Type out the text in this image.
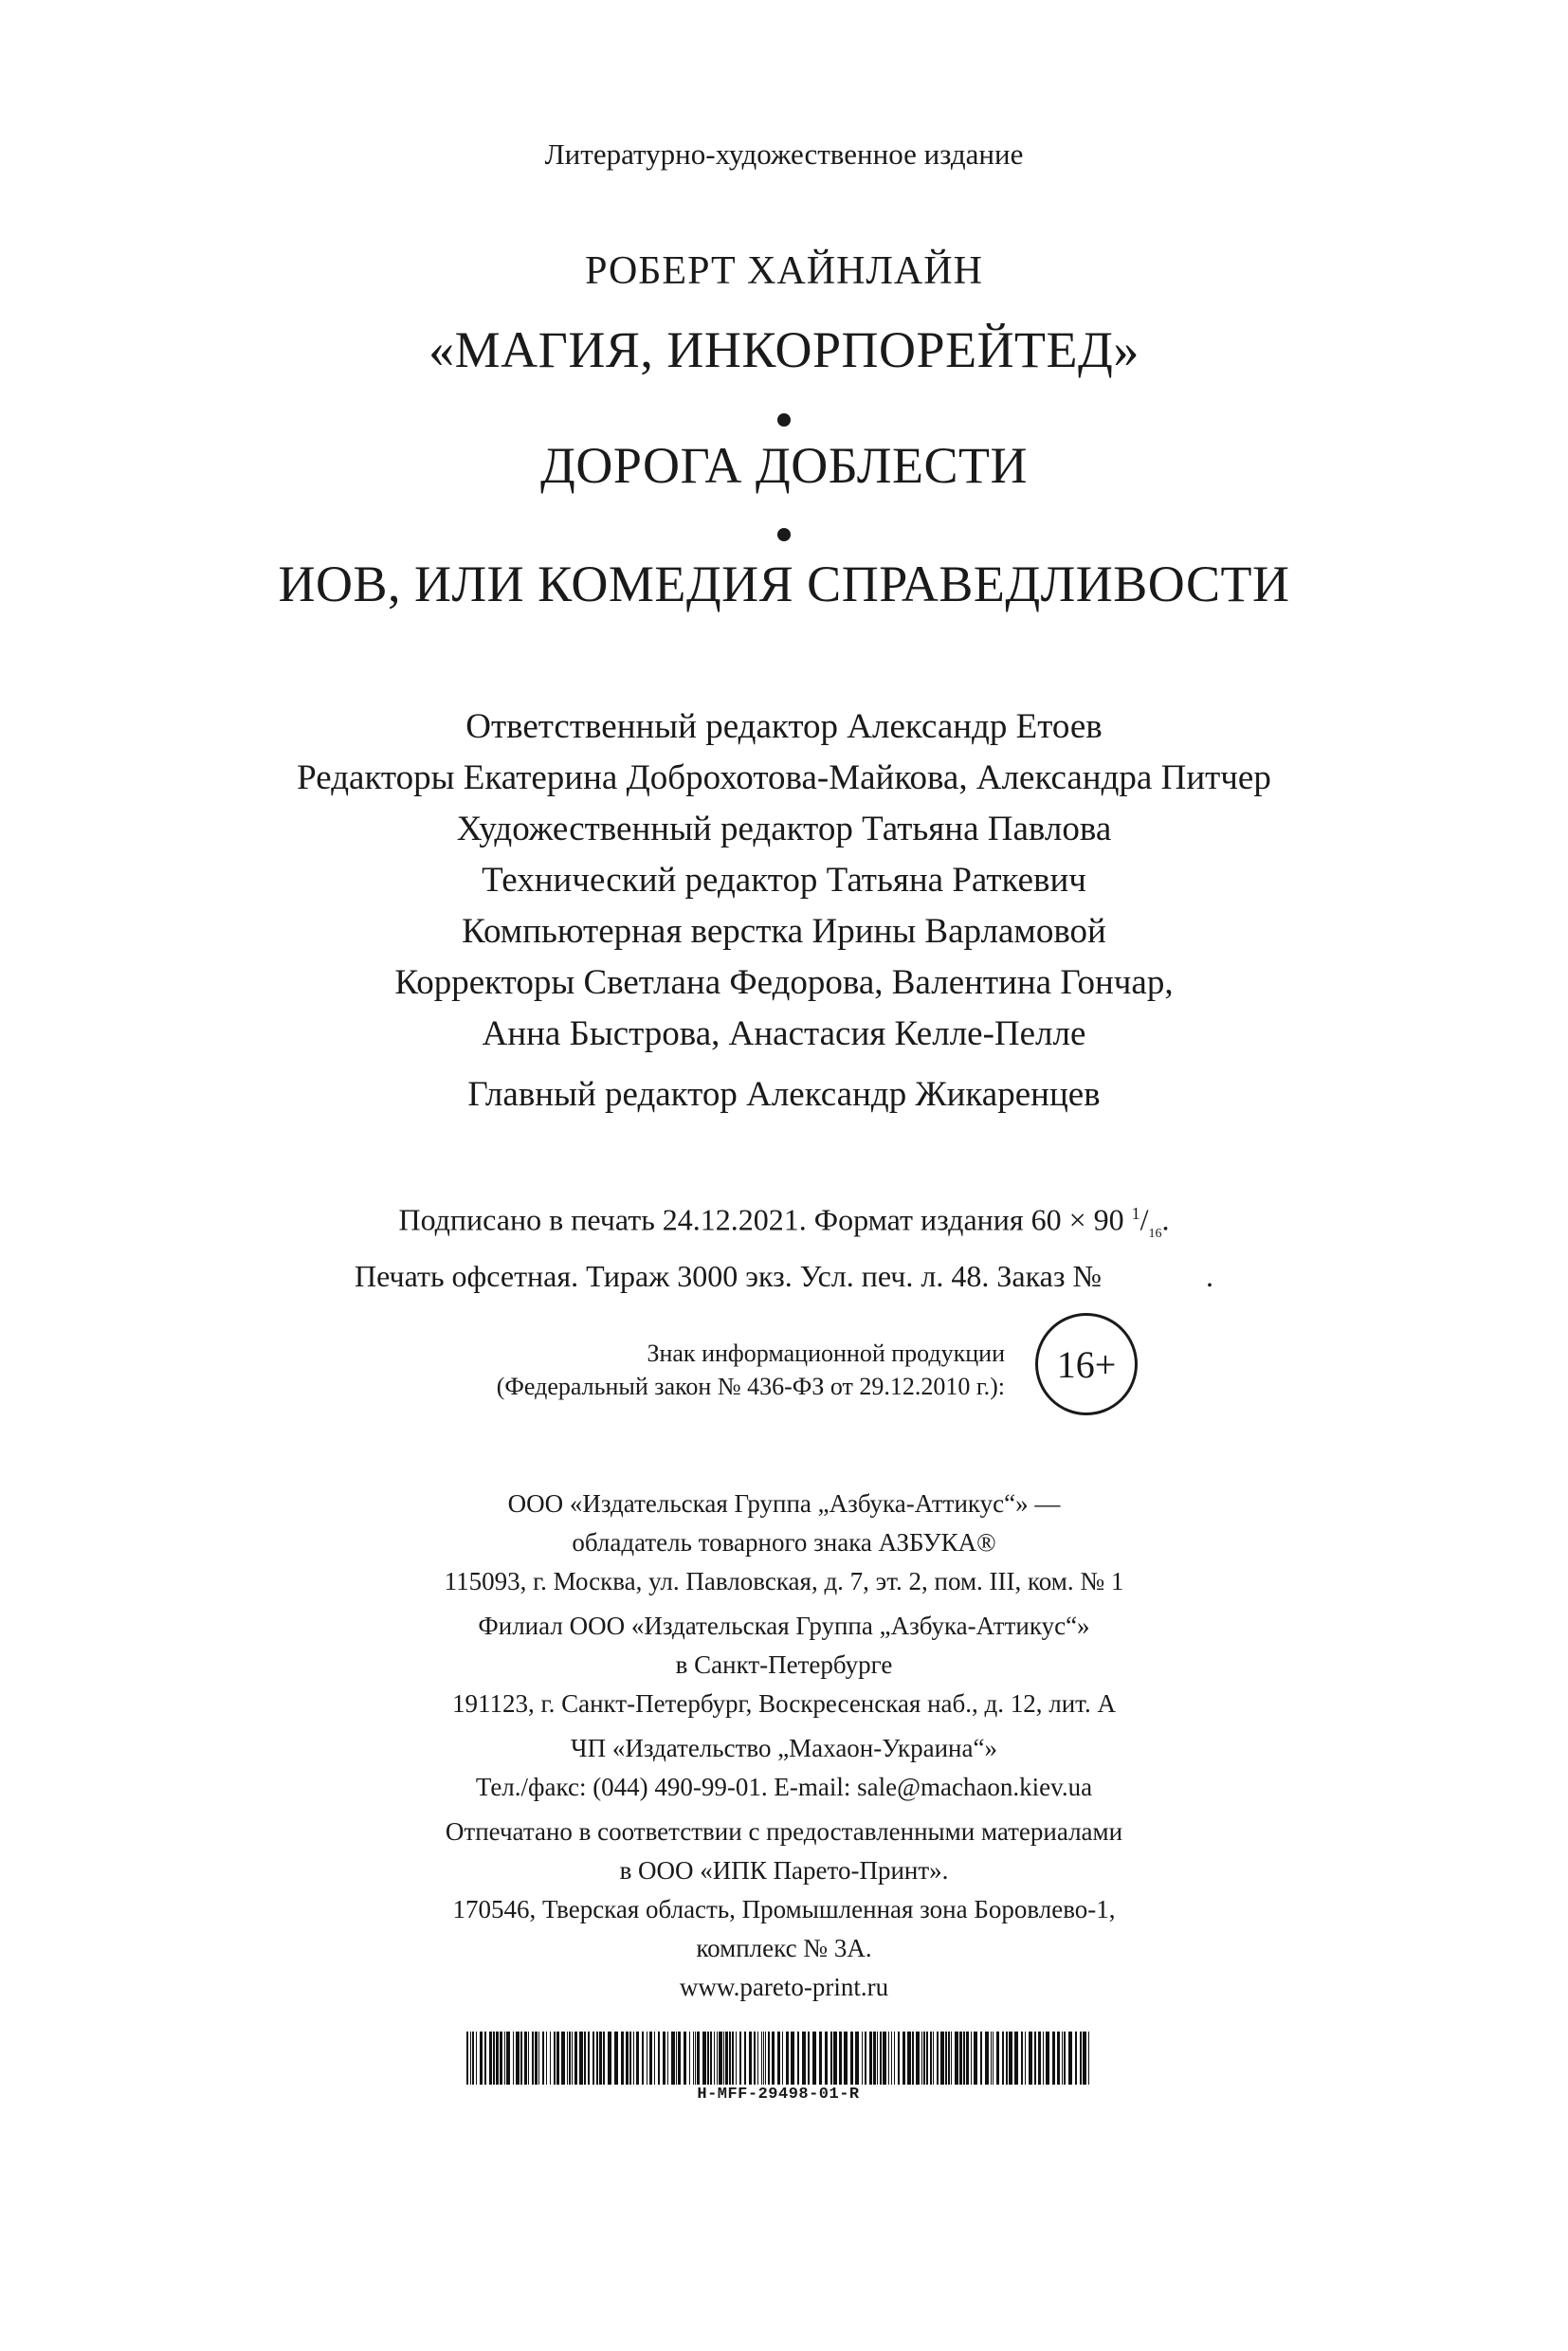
Литературно-художественное издание
РОБЕРТ ХАЙНЛАЙН
«МАГИЯ, ИНКОРПОРЕЙТЕД»
ДОРОГА ДОБЛЕСТИ
ИОВ, ИЛИ КОМЕДИЯ СПРАВЕДЛИВОСТИ
Ответственный редактор Александр Етоев
Редакторы Екатерина Доброхотова-Майкова, Александра Питчер
Художественный редактор Татьяна Павлова
Технический редактор Татьяна Раткевич
Компьютерная верстка Ирины Варламовой
Корректоры Светлана Федорова, Валентина Гончар,
Анна Быстрова, Анастасия Келле-Пелле
Главный редактор Александр Жикаренцев
Подписано в печать 24.12.2021. Формат издания 60 × 90 $^1/_{16}$.
Печать офсетная. Тираж 3000 экз. Усл. печ. л. 48. Заказ №	.
Знак информационной продукции
(Федеральный закон № 436-ФЗ от 29.12.2010 г.):
16+
ООО «Издательская Группа „Азбука-Аттикус“» —
обладатель товарного знака АЗБУКА®
115093, г. Москва, ул. Павловская, д. 7, эт. 2, пом. III, ком. № 1
Филиал ООО «Издательская Группа „Азбука-Аттикус“»
в Санкт-Петербурге
191123, г. Санкт-Петербург, Воскресенская наб., д. 12, лит. А
ЧП «Издательство „Махаон-Украина“»
Тел./факс: (044) 490-99-01. E-mail: sale@machaon.kiev.ua
Отпечатано в соответствии с предоставленными материалами
в ООО «ИПК Парето-Принт».
170546, Тверская область, Промышленная зона Боровлево-1,
комплекс № 3А.
www.pareto-print.ru
H-MFF-29498-01-R
